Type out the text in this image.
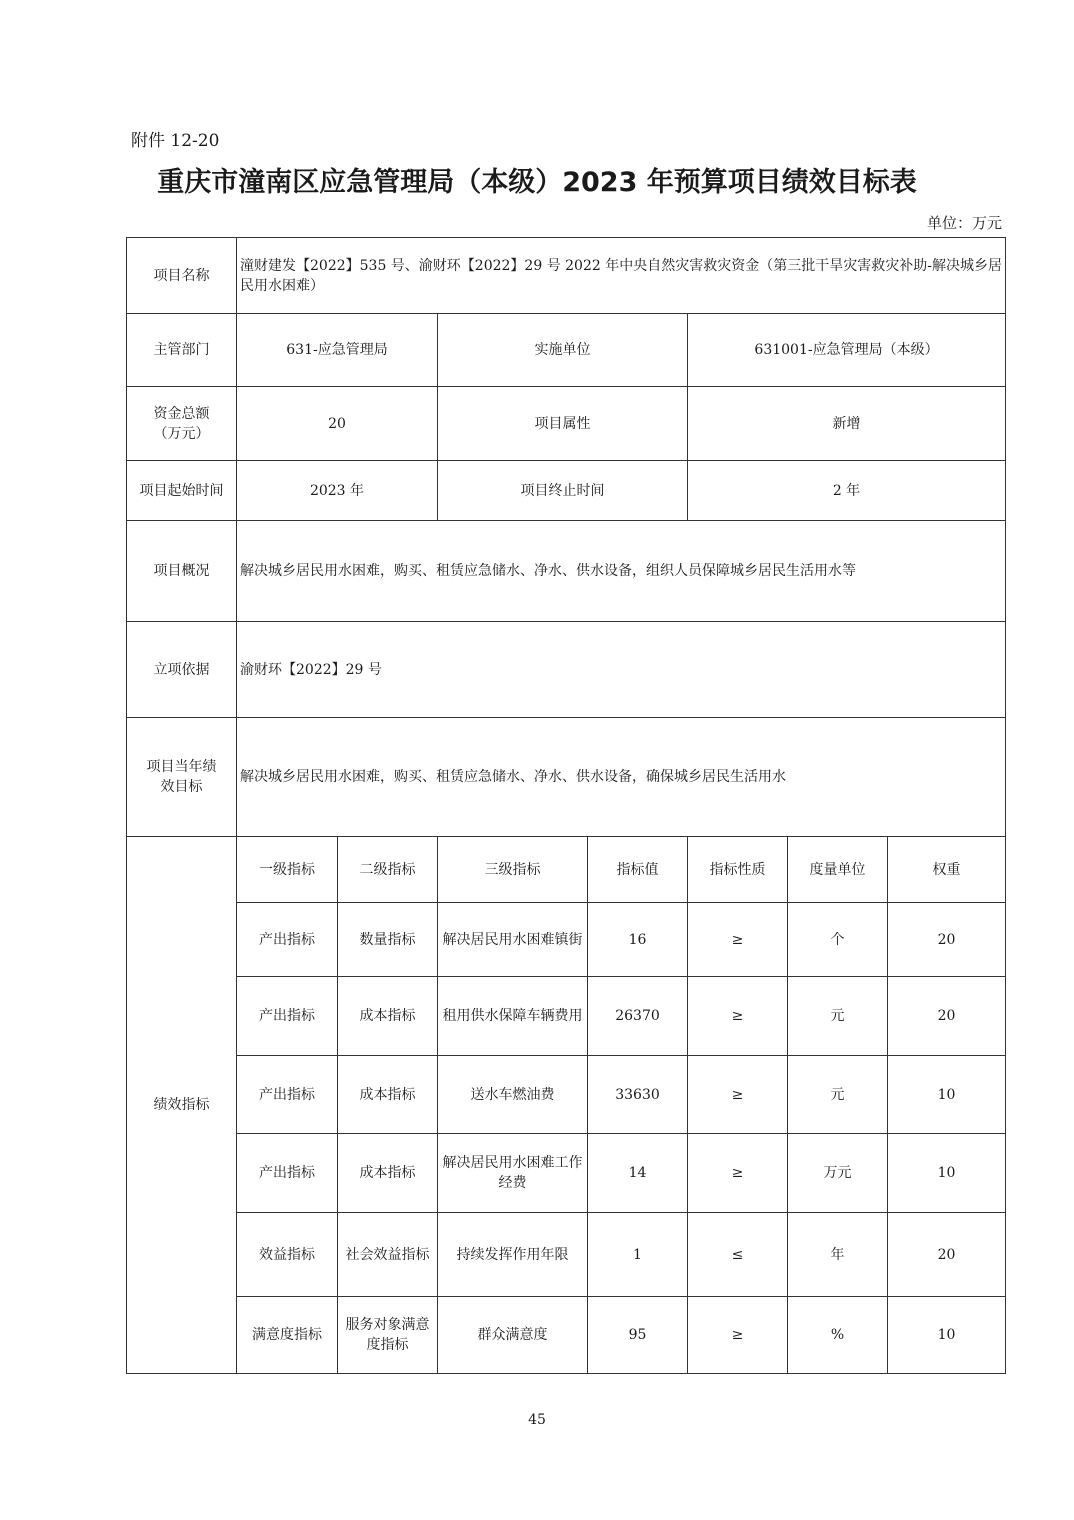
附件 12-20
重庆市潼南区应急管理局（本级）2023 年预算项目绩效目标表
单位：万元
项目名称	潼财建发【2022】535 号、渝财环【2022】29 号 2022 年中央自然灾害救灾资金（第三批干旱灾害救灾补助-解决城乡居民用水困难）						
主管部门	631-应急管理局		实施单位		631001-应急管理局（本级）		
资金总额（万元）	20		项目属性		新增		
项目起始时间	2023 年		项目终止时间		2 年		
项目概况	解决城乡居民用水困难，购买、租赁应急储水、净水、供水设备，组织人员保障城乡居民生活用水等						
立项依据	渝财环【2022】29 号						
项目当年绩效目标	解决城乡居民用水困难，购买、租赁应急储水、净水、供水设备，确保城乡居民生活用水						
绩效指标	一级指标	二级指标	三级指标	指标值	指标性质	度量单位	权重
	产出指标	数量指标	解决居民用水困难镇街	16	≥	个	20
	产出指标	成本指标	租用供水保障车辆费用	26370	≥	元	20
	产出指标	成本指标	送水车燃油费	33630	≥	元	10
	产出指标	成本指标	解决居民用水困难工作经费	14	≥	万元	10
	效益指标	社会效益指标	持续发挥作用年限	1	≤	年	20
	满意度指标	服务对象满意度指标	群众满意度	95	≥	%	10
45
